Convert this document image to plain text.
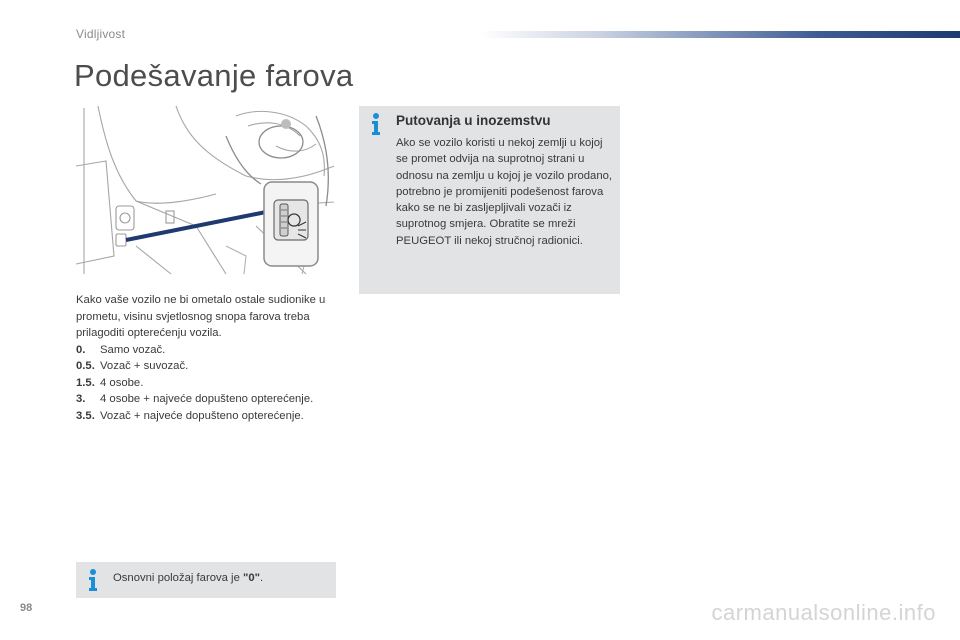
Vidljivost
Podešavanje farova

Kako vaše vozilo ne bi ometalo ostale sudionike u prometu, visinu svjetlosnog snopa farova treba prilagoditi opterećenju vozila.

0.	Samo vozač.
0.5. Vozač + suvozač.
1.5. 4 osobe.
3.	4 osobe + najveće dopušteno opterećenje.
3.5. Vozač + najveće dopušteno opterećenje.
Putovanja u inozemstvu

Ako se vozilo koristi u nekoj zemlji u kojoj se promet odvija na suprotnoj strani u odnosu na zemlju u kojoj je vozilo prodano, potrebno je promijeniti podešenost farova kako se ne bi zasljepljivali vozači iz suprotnog smjera. Obratite se mreži PEUGEOT ili nekoj stručnoj radionici.

Osnovni položaj farova je "0".

98	carmanualsonline.info
